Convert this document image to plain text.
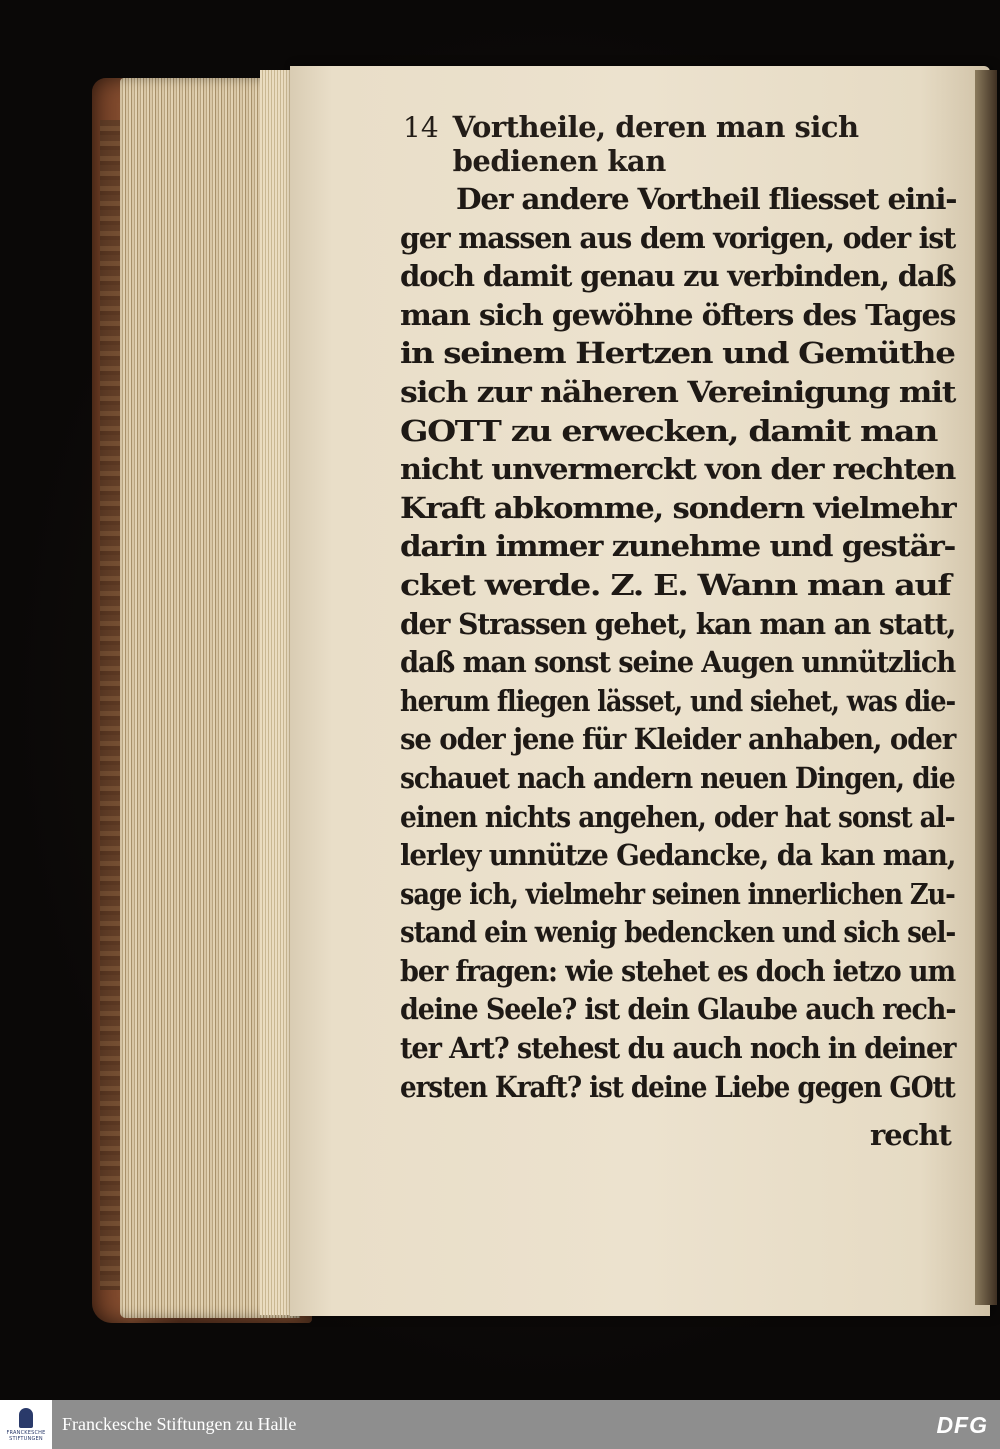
14 Vortheile, deren man sich bedienen kan
Der andere Vortheil fliesset eini-
ger massen aus dem vorigen, oder ist
doch damit genau zu verbinden, daß
man sich gewöhne öfters des Tages
in seinem Hertzen und Gemüthe
sich zur näheren Vereinigung mit
GOTT zu erwecken, damit man
nicht unvermerckt von der rechten
Kraft abkomme, sondern vielmehr
darin immer zunehme und gestär-
cket werde. Z. E. Wann man auf
der Strassen gehet, kan man an statt,
daß man sonst seine Augen unnützlich
herum fliegen lässet, und siehet, was die-
se oder jene für Kleider anhaben, oder
schauet nach andern neuen Dingen, die
einen nichts angehen, oder hat sonst al-
lerley unnütze Gedancke, da kan man,
sage ich, vielmehr seinen innerlichen Zu-
stand ein wenig bedencken und sich sel-
ber fragen: wie stehet es doch ietzo um
deine Seele? ist dein Glaube auch rech-
ter Art? stehest du auch noch in deiner
ersten Kraft? ist deine Liebe gegen GOtt
recht
FRANCKESCHE STIFTUNGEN
Franckesche Stiftungen zu Halle	DFG
